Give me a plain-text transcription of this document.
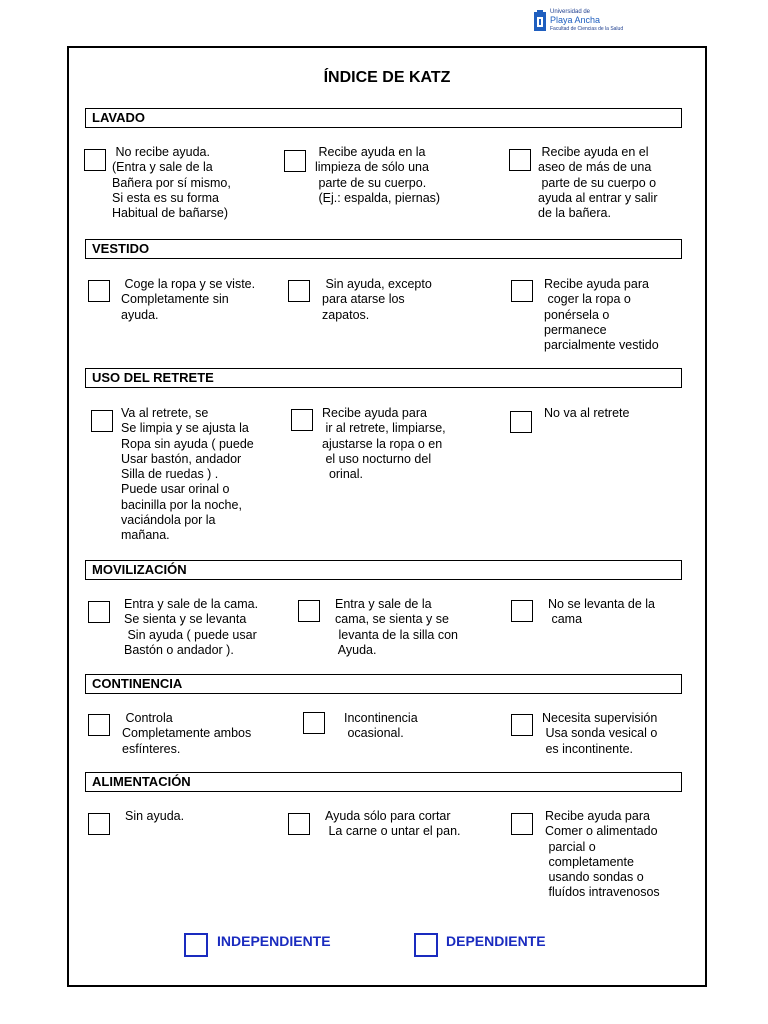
Universidad de
Playa Ancha
Facultad de Ciencias de la Salud
ÍNDICE DE KATZ
LAVADO
No recibe ayuda.
(Entra y sale de la
Bañera por sí mismo,
Si esta es su forma
Habitual de bañarse)
Recibe ayuda en la
limpieza de sólo una
parte de su cuerpo.
(Ej.: espalda, piernas)
Recibe ayuda en el
aseo de más de una
parte de su cuerpo o
ayuda al entrar y salir
de la bañera.
VESTIDO
Coge la ropa y se viste.
Completamente sin
ayuda.
Sin ayuda, excepto
para atarse los
zapatos.
Recibe ayuda para
coger la ropa o
ponérsela o
permanece
parcialmente vestido
USO DEL RETRETE
Va al retrete, se
Se limpia y se ajusta la
Ropa sin ayuda ( puede
Usar bastón, andador
Silla de ruedas ) .
Puede usar orinal o
bacinilla por la noche,
vaciándola por la
mañana.
Recibe ayuda para
ir al retrete, limpiarse,
ajustarse la ropa o en
el uso nocturno del
orinal.
No va al retrete
MOVILIZACIÓN
Entra y sale de la cama.
Se sienta y se levanta
Sin ayuda ( puede usar
Bastón o andador ).
Entra y sale de la
cama, se sienta y se
levanta de la silla con
Ayuda.
No se levanta de la
cama
CONTINENCIA
Controla
Completamente ambos
esfínteres.
Incontinencia
ocasional.
Necesita supervisión
Usa sonda vesical o
es incontinente.
ALIMENTACIÓN
Sin ayuda.	Ayuda sólo para cortar
La carne o untar el pan.
Recibe ayuda para
Comer o alimentado
parcial o
completamente
usando sondas o
fluídos intravenosos
INDEPENDIENTE	DEPENDIENTE
